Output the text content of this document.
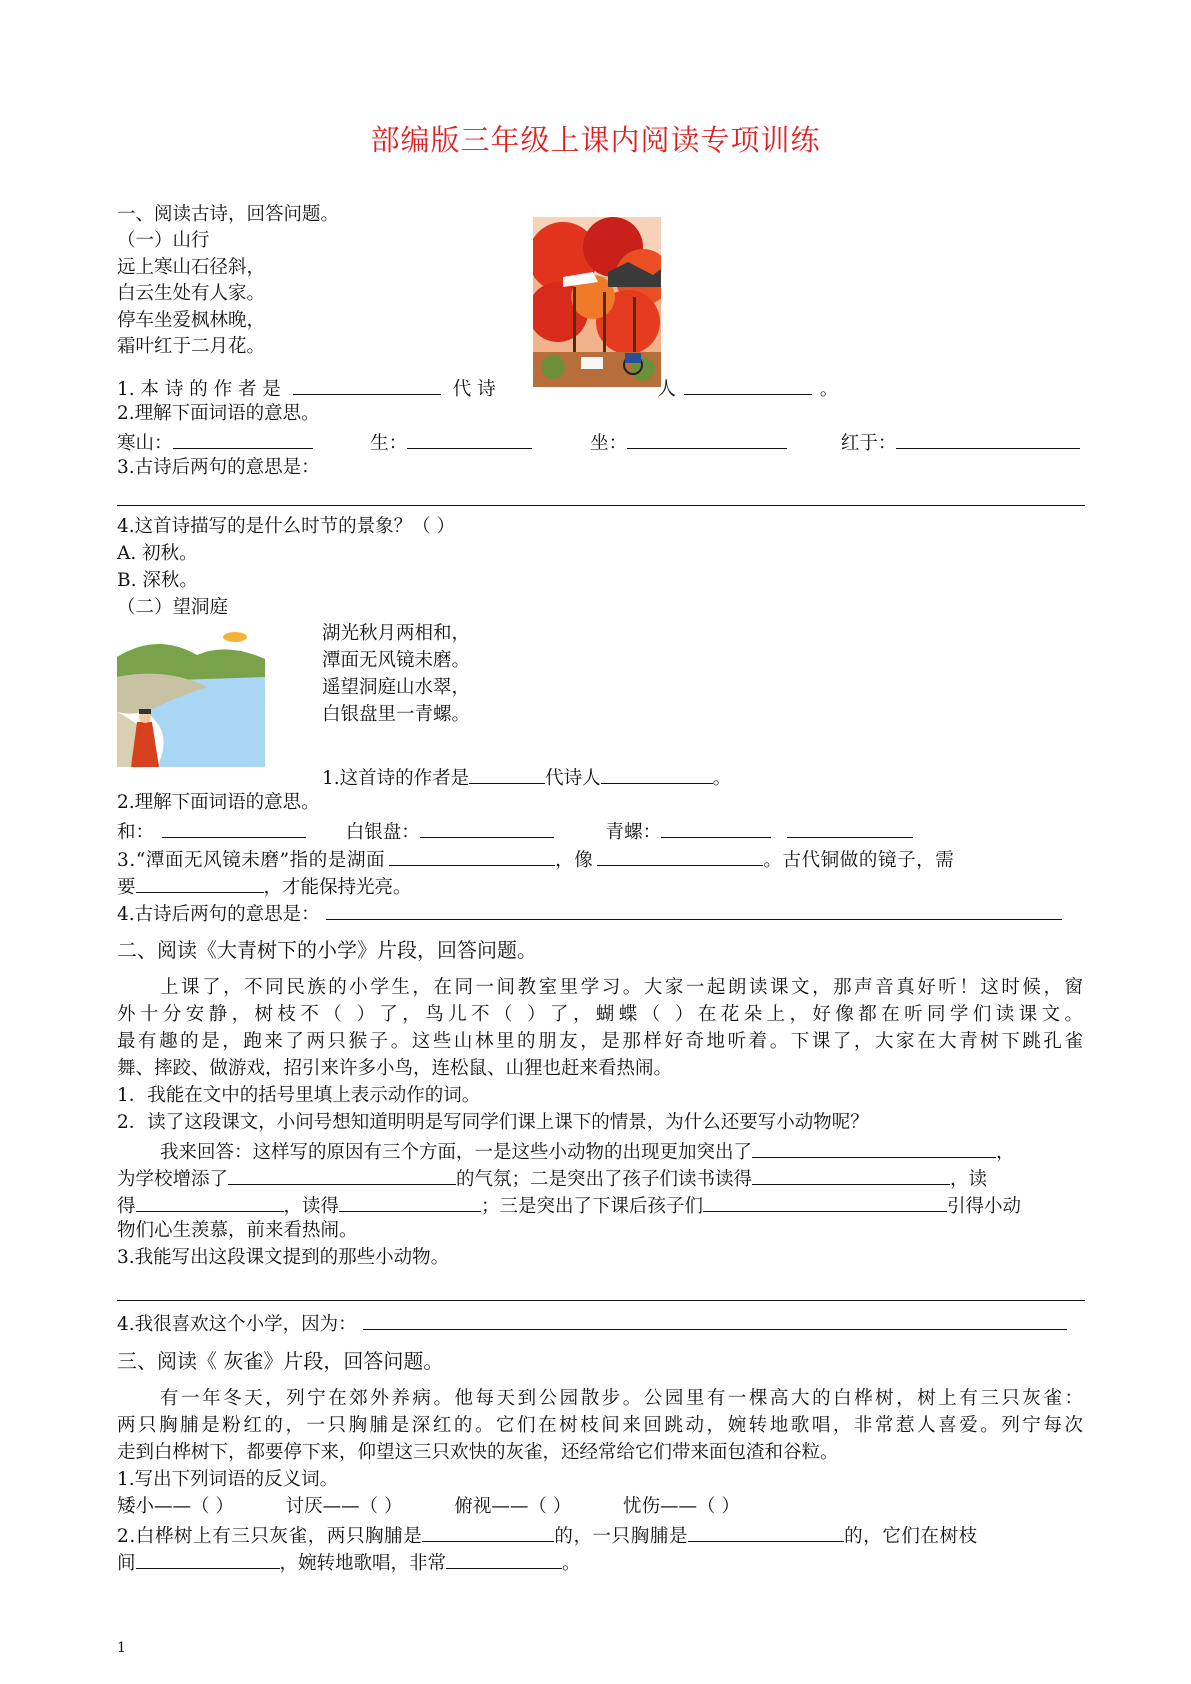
部编版三年级上课内阅读专项训练
一、阅读古诗，回答问题。
（一）山行
远上寒山石径斜，
白云生处有人家。
停车坐爱枫林晚，
霜叶红于二月花。
1. 本 诗 的 作 者 是	代 诗	人	。
2.理解下面词语的意思。
寒山：	生：	坐：	红于：
3.古诗后两句的意思是：
4.这首诗描写的是什么时节的景象？（ ）
A. 初秋。
B. 深秋。
（二）望洞庭
湖光秋月两相和，
潭面无风镜未磨。
遥望洞庭山水翠，
白银盘里一青螺。
1.这首诗的作者是	代诗人	。
2.理解下面词语的意思。
和：	白银盘：	青螺：
3.“潭面无风镜未磨”指的是湖面	，像	。古代铜做的镜子，需
要	，才能保持光亮。
4.古诗后两句的意思是：
二、阅读《大青树下的小学》片段，回答问题。
上课了，不同民族的小学生，在同一间教室里学习。大家一起朗读课文，那声音真好听！这时候，窗
外十分安静，树枝不（ ）了，鸟儿不（ ）了，蝴蝶（ ）在花朵上，好像都在听同学们读课文。
最有趣的是，跑来了两只猴子。这些山林里的朋友，是那样好奇地听着。下课了，大家在大青树下跳孔雀
舞、摔跤、做游戏，招引来许多小鸟，连松鼠、山狸也赶来看热闹。
1．我能在文中的括号里填上表示动作的词。
2．读了这段课文，小问号想知道明明是写同学们课上课下的情景，为什么还要写小动物呢？
我来回答：这样写的原因有三个方面，一是这些小动物的出现更加突出了	，
为学校增添了	的气氛；二是突出了孩子们读书读得	，读
得	，读得	；三是突出了下课后孩子们	引得小动
物们心生羡慕，前来看热闹。
3.我能写出这段课文提到的那些小动物。
4.我很喜欢这个小学，因为：
三、阅读《 灰雀》片段，回答问题。
有一年冬天，列宁在郊外养病。他每天到公园散步。公园里有一棵高大的白桦树，树上有三只灰雀：
两只胸脯是粉红的，一只胸脯是深红的。它们在树枝间来回跳动，婉转地歌唱，非常惹人喜爱。列宁每次
走到白桦树下，都要停下来，仰望这三只欢快的灰雀，还经常给它们带来面包渣和谷粒。
1.写出下列词语的反义词。
矮小——（ ）	讨厌——（ ）	俯视——（ ）	忧伤——（ ）
2.白桦树上有三只灰雀，两只胸脯是	的，一只胸脯是	的，它们在树枝
间	，婉转地歌唱，非常	。
1
